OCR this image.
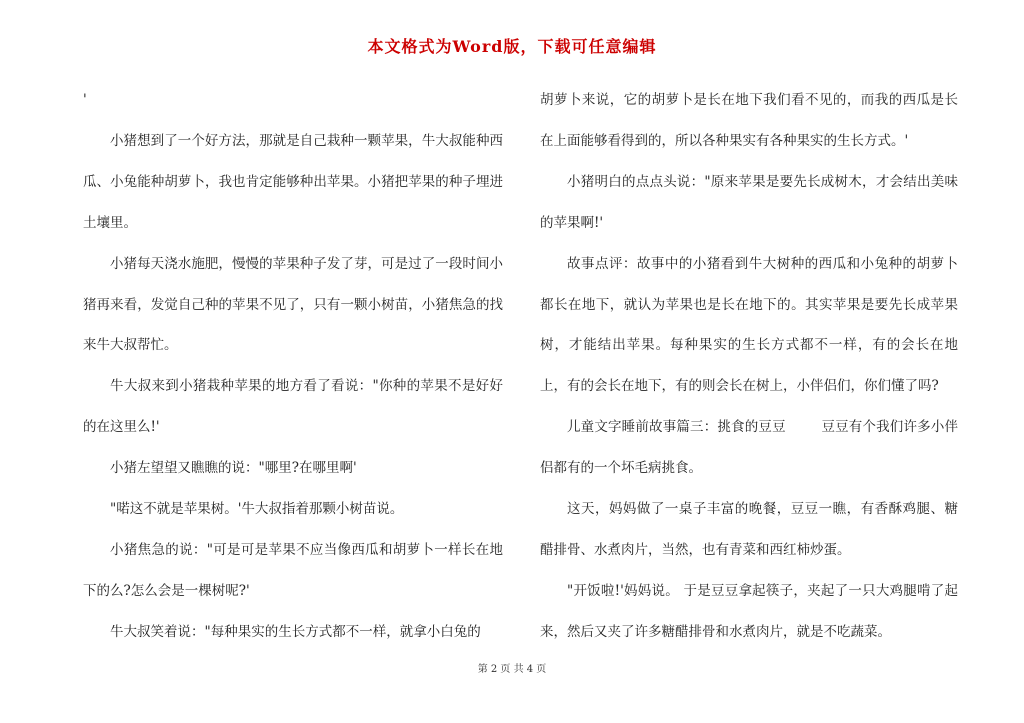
本文格式为Word版，下载可任意编辑

'

小猪想到了一个好方法，那就是自己栽种一颗苹果，牛大叔能种西瓜、小兔能种胡萝卜，我也肯定能够种出苹果。小猪把苹果的种子埋进土壤里。

小猪每天浇水施肥，慢慢的苹果种子发了芽，可是过了一段时间小猪再来看，发觉自己种的苹果不见了，只有一颗小树苗，小猪焦急的找来牛大叔帮忙。

牛大叔来到小猪栽种苹果的地方看了看说："你种的苹果不是好好的在这里么!'

小猪左望望又瞧瞧的说："哪里?在哪里啊'

"喏这不就是苹果树。'牛大叔指着那颗小树苗说。

小猪焦急的说："可是可是苹果不应当像西瓜和胡萝卜一样长在地下的么?怎么会是一棵树呢?'

牛大叔笑着说："每种果实的生长方式都不一样，就拿小白兔的

胡萝卜来说，它的胡萝卜是长在地下我们看不见的，而我的西瓜是长在上面能够看得到的，所以各种果实有各种果实的生长方式。'

小猪明白的点点头说："原来苹果是要先长成树木，才会结出美味的苹果啊!'

故事点评：故事中的小猪看到牛大树种的西瓜和小兔种的胡萝卜都长在地下，就认为苹果也是长在地下的。其实苹果是要先长成苹果树，才能结出苹果。每种果实的生长方式都不一样，有的会长在地上，有的会长在地下，有的则会长在树上，小伴侣们，你们懂了吗?

儿童文字睡前故事篇三：挑食的豆豆        豆豆有个我们许多小伴侣都有的一个坏毛病挑食。

这天，妈妈做了一桌子丰富的晚餐，豆豆一瞧，有香酥鸡腿、糖醋排骨、水煮肉片，当然，也有青菜和西红柿炒蛋。

"开饭啦!'妈妈说。 于是豆豆拿起筷子，夹起了一只大鸡腿啃了起来，然后又夹了许多糖醋排骨和水煮肉片，就是不吃蔬菜。

第 2 页 共 4 页
